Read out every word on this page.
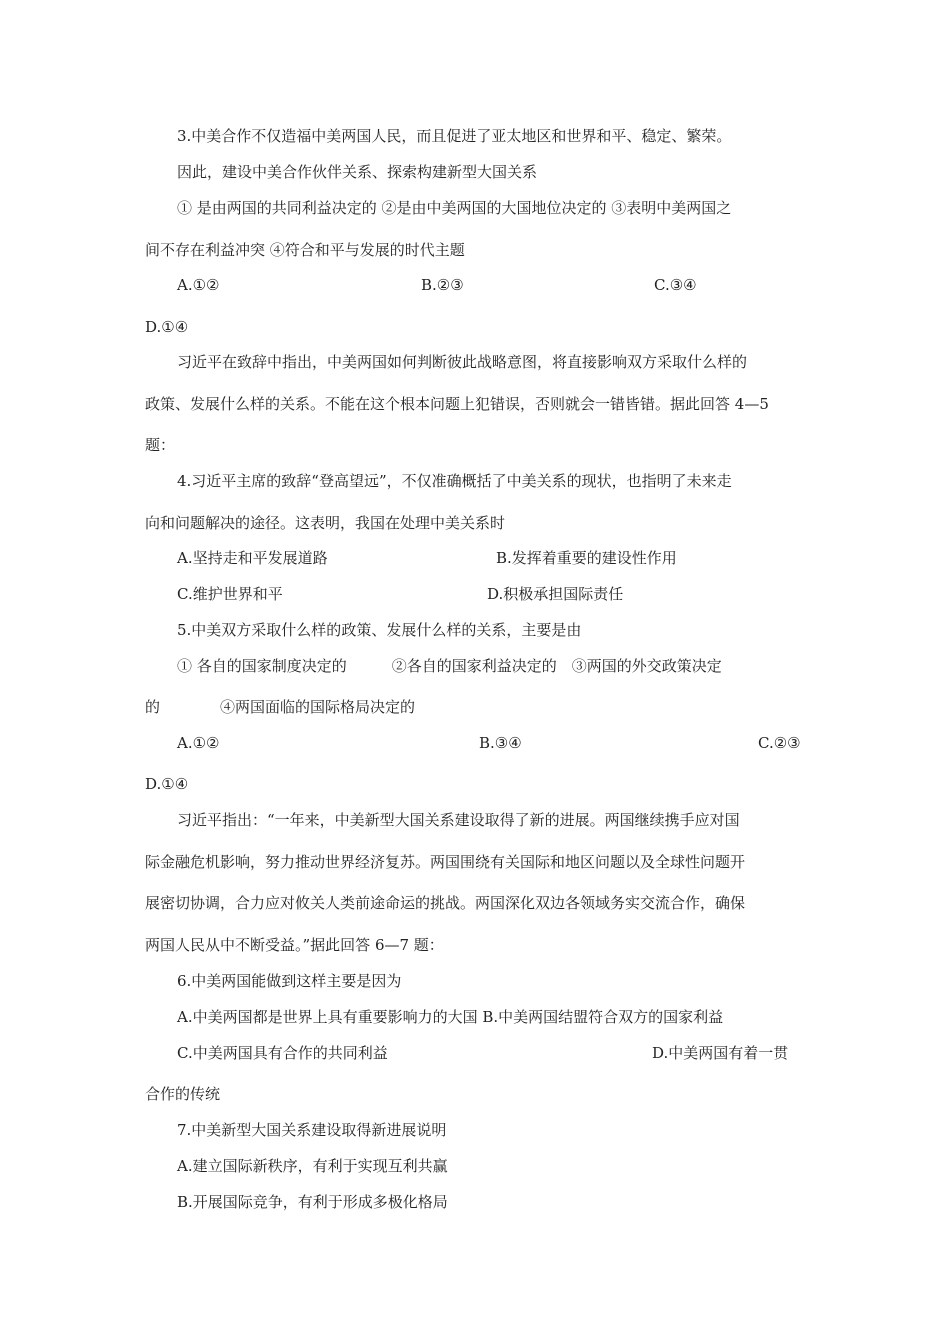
3.中美合作不仅造福中美两国人民，而且促进了亚太地区和世界和平、稳定、繁荣。
因此，建设中美合作伙伴关系、探索构建新型大国关系
① 是由两国的共同利益决定的 ②是由中美两国的大国地位决定的 ③表明中美两国之
间不存在利益冲突 ④符合和平与发展的时代主题
A.①②	B.②③	C.③④
D.①④
习近平在致辞中指出，中美两国如何判断彼此战略意图，将直接影响双方采取什么样的
政策、发展什么样的关系。不能在这个根本问题上犯错误，否则就会一错皆错。据此回答 4—5
题：
4.习近平主席的致辞“登高望远”，不仅准确概括了中美关系的现状，也指明了未来走
向和问题解决的途径。这表明，我国在处理中美关系时
A.坚持走和平发展道路	B.发挥着重要的建设性作用
C.维护世界和平	D.积极承担国际责任
5.中美双方采取什么样的政策、发展什么样的关系，主要是由
① 各自的国家制度决定的　　　②各自的国家利益决定的　③两国的外交政策决定
的　　　　④两国面临的国际格局决定的
A.①②	B.③④	C.②③
D.①④
习近平指出：“一年来，中美新型大国关系建设取得了新的进展。两国继续携手应对国
际金融危机影响，努力推动世界经济复苏。两国围绕有关国际和地区问题以及全球性问题开
展密切协调，合力应对攸关人类前途命运的挑战。两国深化双边各领域务实交流合作，确保
两国人民从中不断受益。”据此回答 6—7 题：
6.中美两国能做到这样主要是因为
A.中美两国都是世界上具有重要影响力的大国 B.中美两国结盟符合双方的国家利益
C.中美两国具有合作的共同利益	D.中美两国有着一贯
合作的传统
7.中美新型大国关系建设取得新进展说明
A.建立国际新秩序，有利于实现互利共赢
B.开展国际竞争，有利于形成多极化格局
